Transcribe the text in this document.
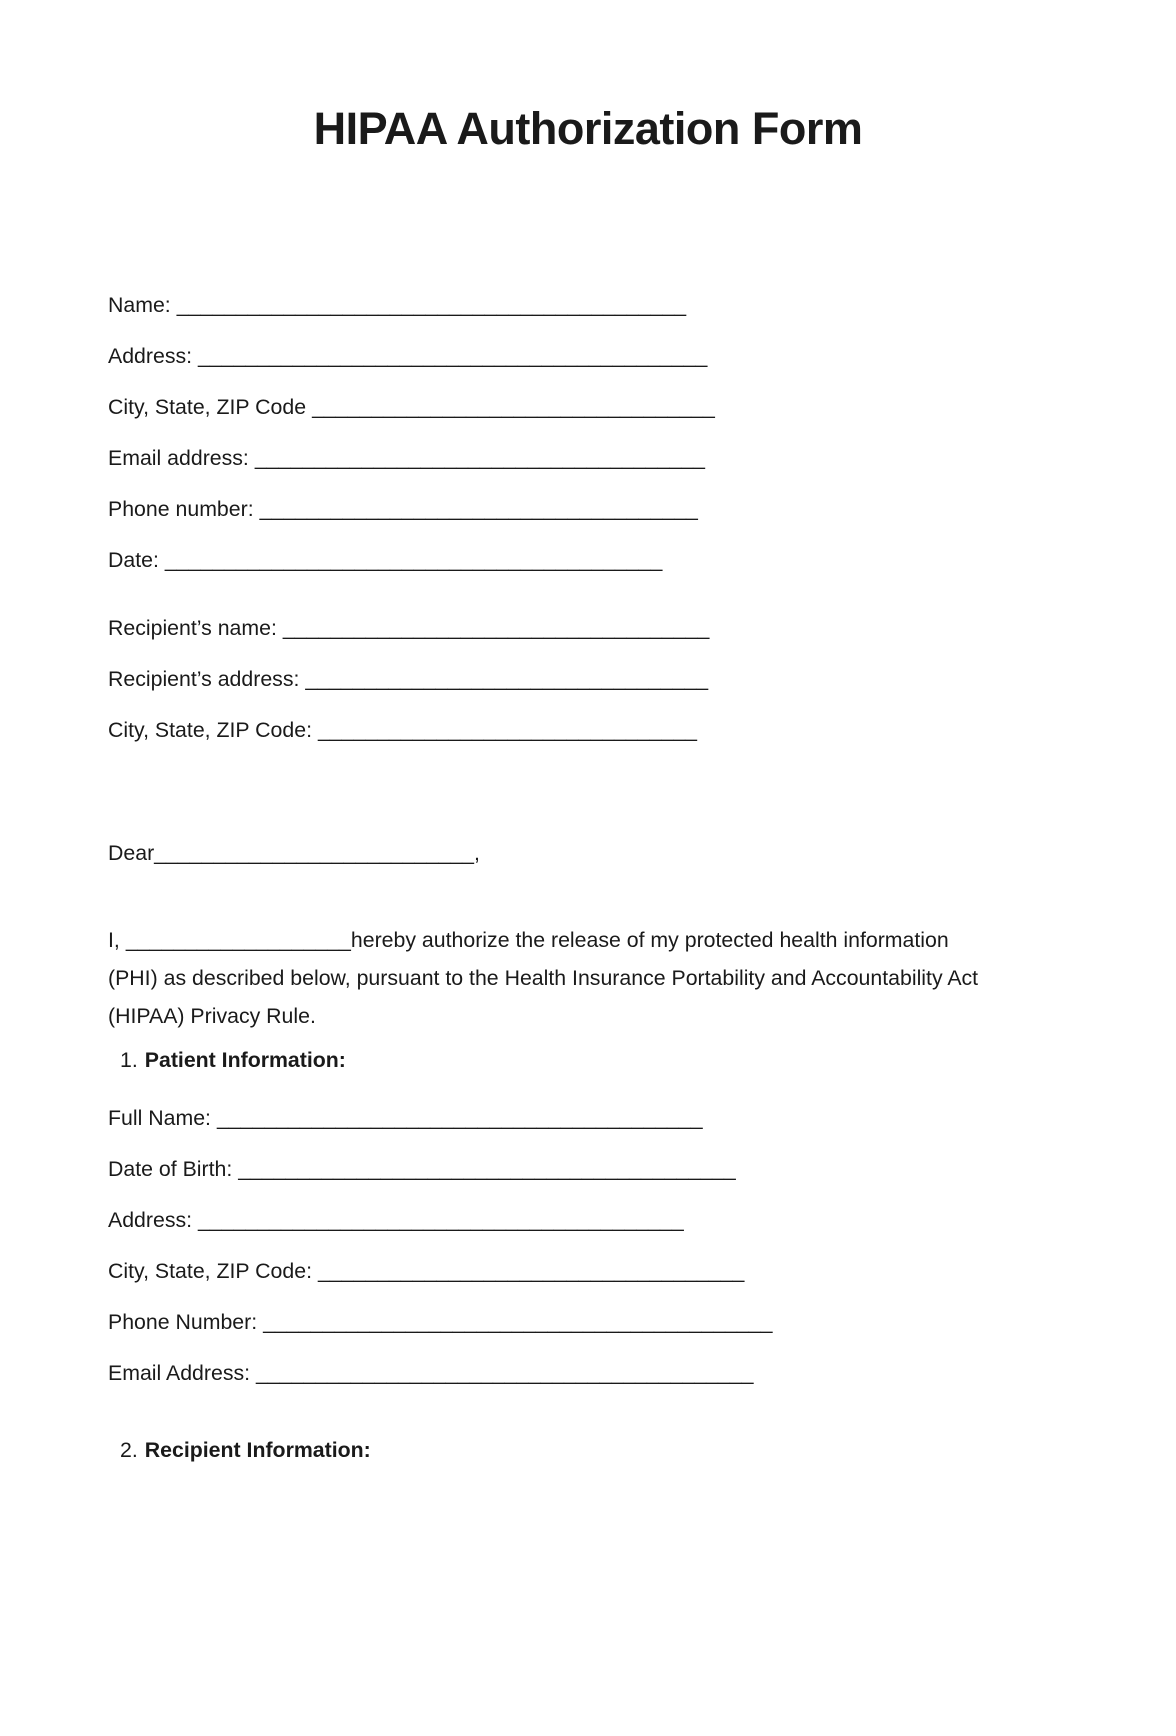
HIPAA Authorization Form
Name: ___________________________________________
Address: ___________________________________________
City, State, ZIP Code __________________________________
Email address: ______________________________________
Phone number: _____________________________________
Date: __________________________________________
Recipient’s name: ____________________________________
Recipient’s address: __________________________________
City, State, ZIP Code: ________________________________
Dear___________________________,
I, ___________________hereby authorize the release of my protected health information
(PHI) as described below, pursuant to the Health Insurance Portability and Accountability Act
(HIPAA) Privacy Rule.
1. Patient Information:
Full Name: _________________________________________
Date of Birth: __________________________________________
Address: _________________________________________
City, State, ZIP Code: ____________________________________
Phone Number: ___________________________________________
Email Address: __________________________________________
2. Recipient Information:
